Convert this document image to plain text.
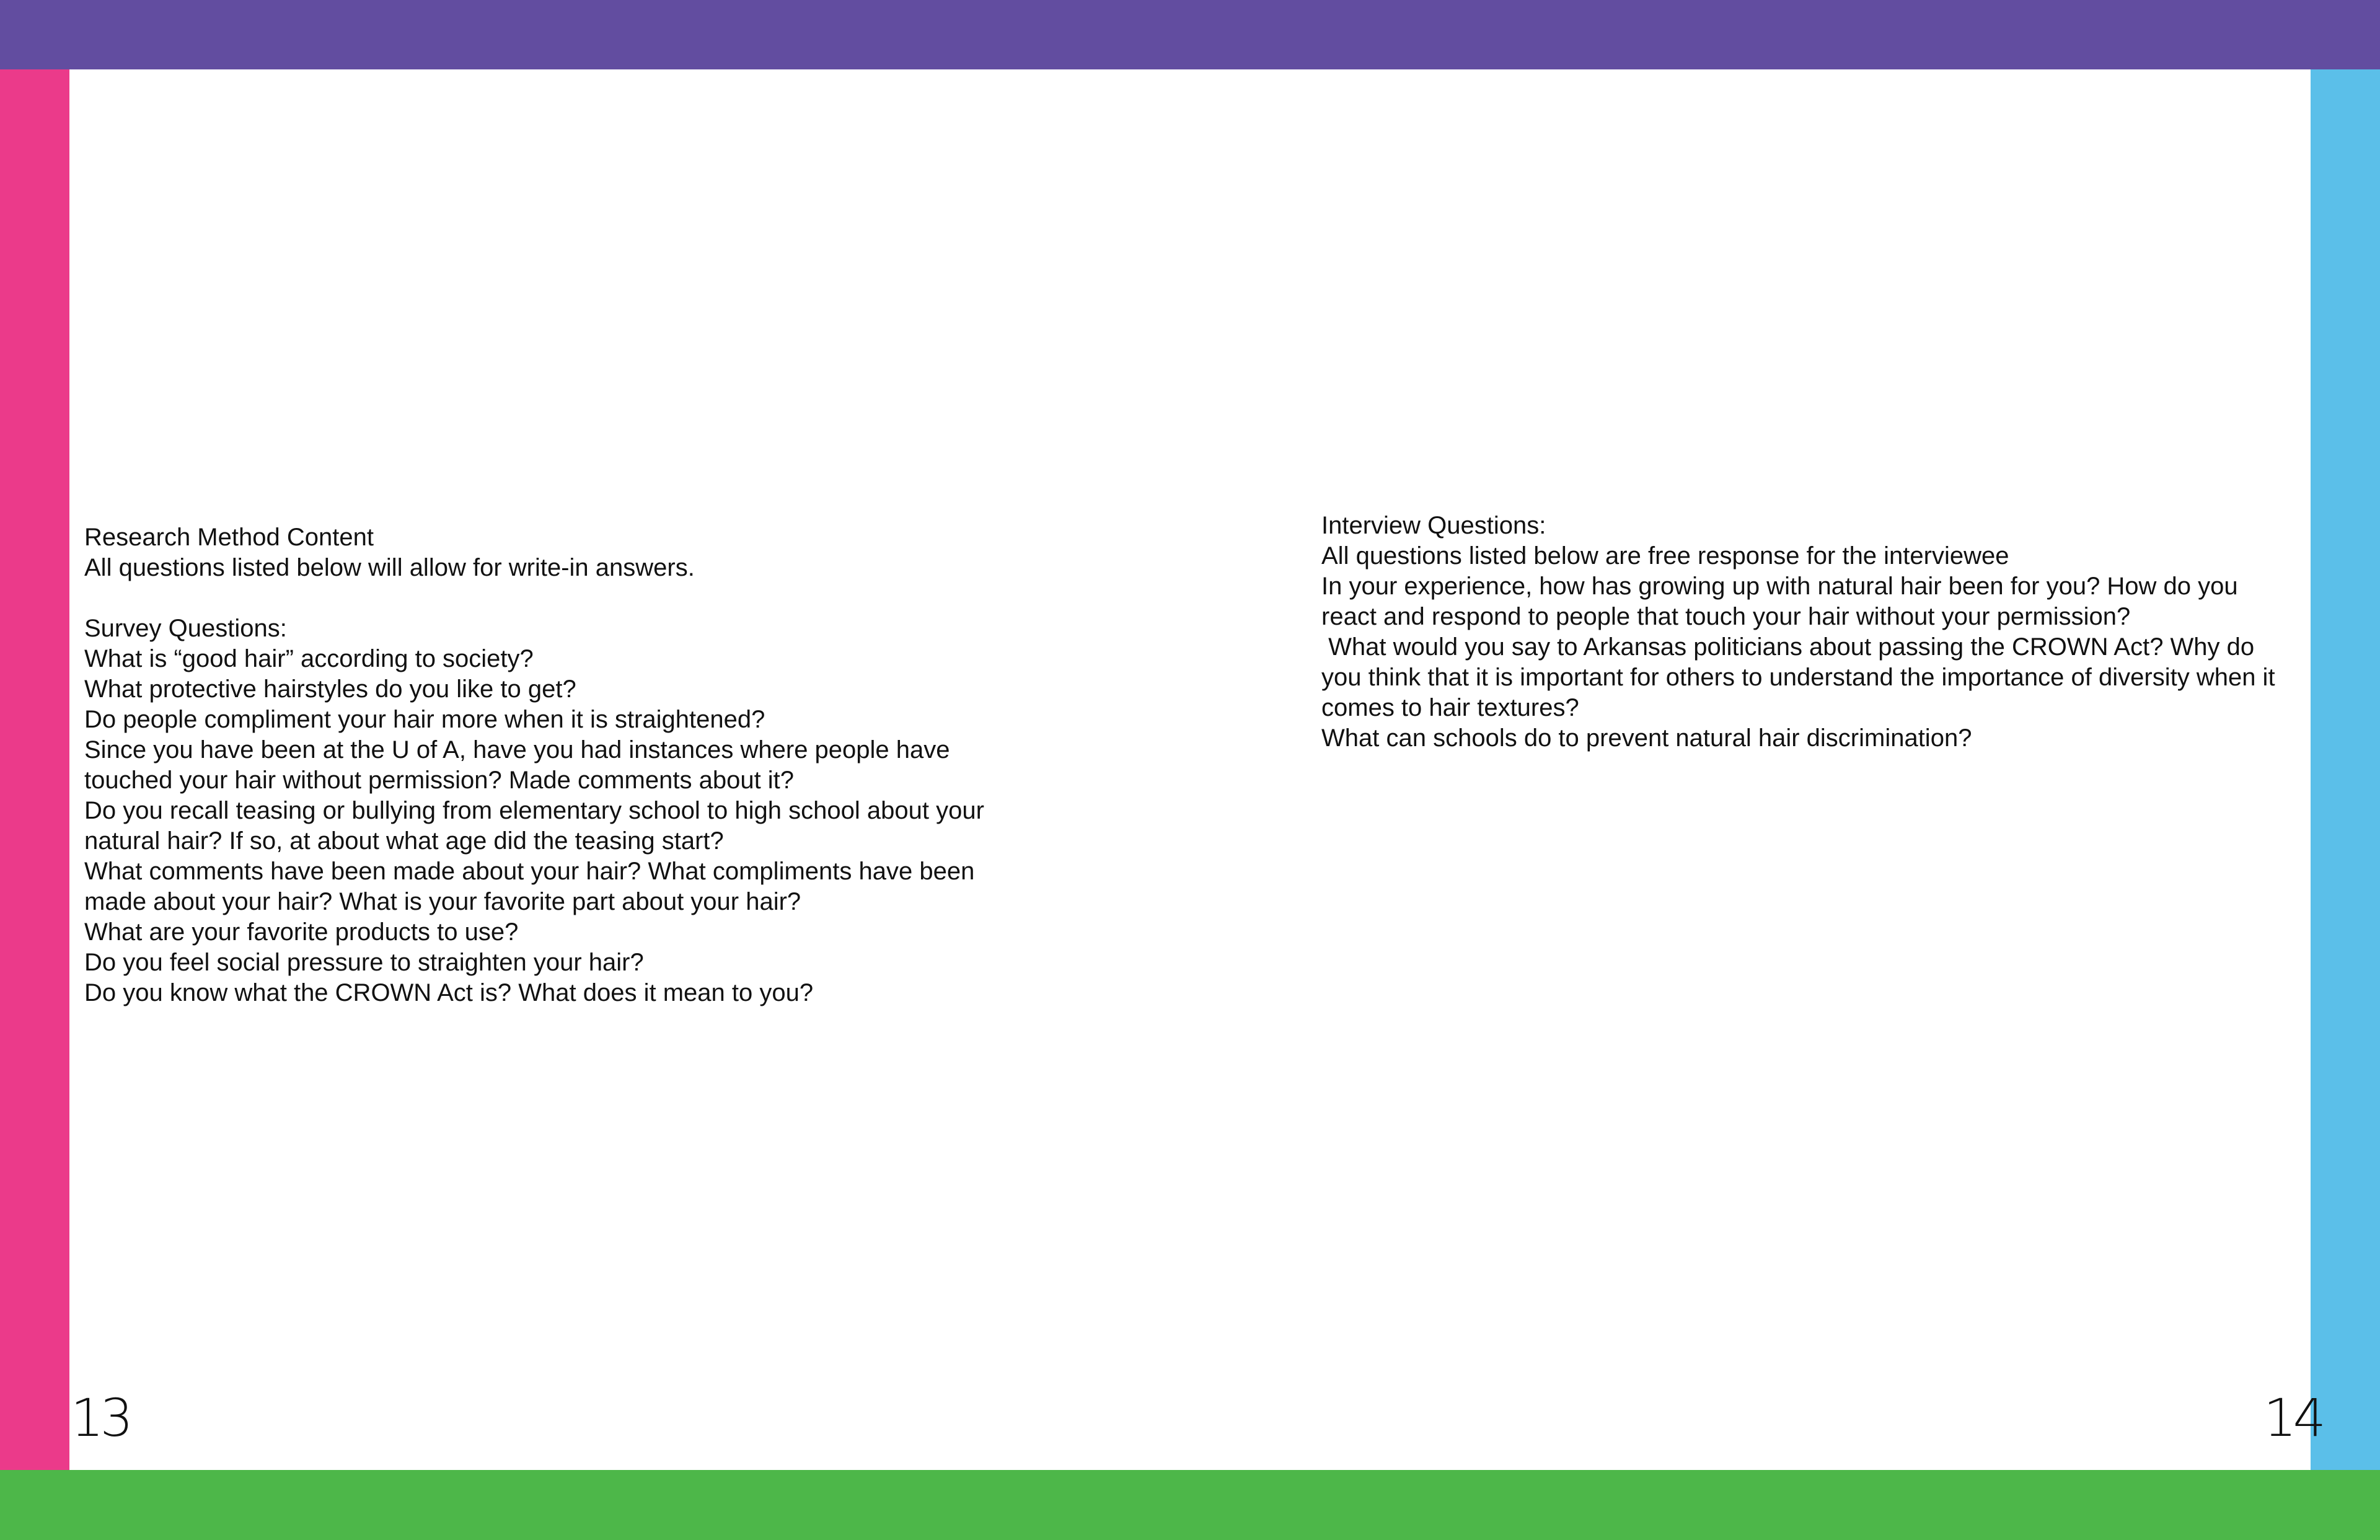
Research Method Content
All questions listed below will allow for write-in answers.
Survey Questions:
What is “good hair” according to society?
What protective hairstyles do you like to get?
Do people compliment your hair more when it is straightened?
Since you have been at the U of A, have you had instances where people have
touched your hair without permission? Made comments about it?
Do you recall teasing or bullying from elementary school to high school about your
natural hair? If so, at about what age did the teasing start?
What comments have been made about your hair? What compliments have been
made about your hair? What is your favorite part about your hair?
What are your favorite products to use?
Do you feel social pressure to straighten your hair?
Do you know what the CROWN Act is? What does it mean to you?
Interview Questions:
All questions listed below are free response for the interviewee
In your experience, how has growing up with natural hair been for you? How do you
react and respond to people that touch your hair without your permission?
What would you say to Arkansas politicians about passing the CROWN Act? Why do
you think that it is important for others to understand the importance of diversity when it
comes to hair textures?
What can schools do to prevent natural hair discrimination?
13	14
